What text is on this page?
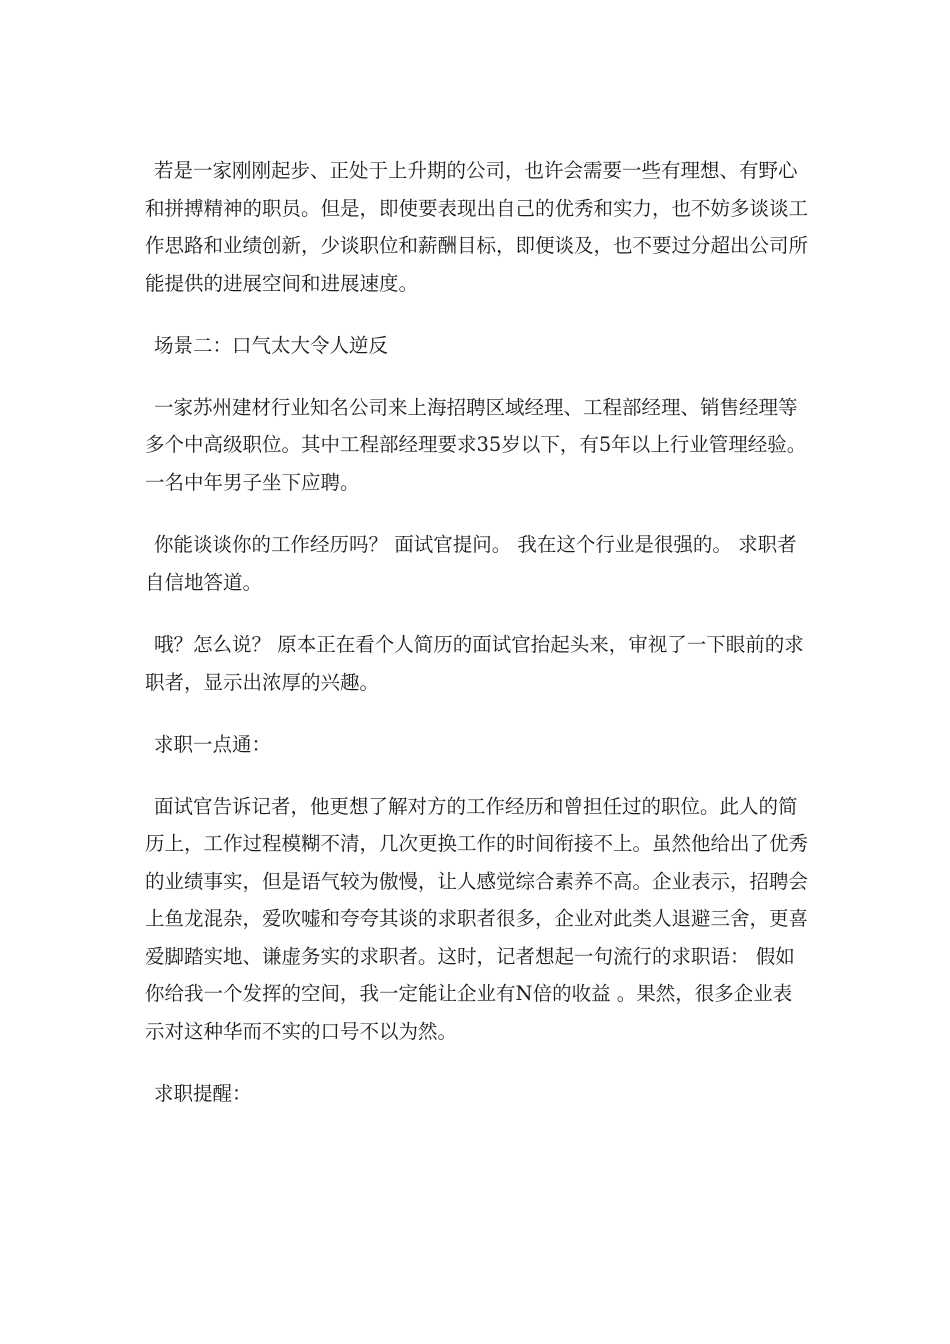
若是一家刚刚起步、正处于上升期的公司，也许会需要一些有理想、有野心和拼搏精神的职员。但是，即使要表现出自己的优秀和实力，也不妨多谈谈工作思路和业绩创新，少谈职位和薪酬目标，即便谈及，也不要过分超出公司所能提供的进展空间和进展速度。

场景二：口气太大令人逆反

一家苏州建材行业知名公司来上海招聘区域经理、工程部经理、销售经理等多个中高级职位。其中工程部经理要求35岁以下，有5年以上行业管理经验。一名中年男子坐下应聘。

你能谈谈你的工作经历吗？ 面试官提问。 我在这个行业是很强的。 求职者自信地答道。

哦？怎么说？ 原本正在看个人简历的面试官抬起头来，审视了一下眼前的求职者，显示出浓厚的兴趣。

求职一点通：

面试官告诉记者，他更想了解对方的工作经历和曾担任过的职位。此人的简历上，工作过程模糊不清，几次更换工作的时间衔接不上。虽然他给出了优秀的业绩事实，但是语气较为傲慢，让人感觉综合素养不高。企业表示，招聘会上鱼龙混杂，爱吹嘘和夸夸其谈的求职者很多，企业对此类人退避三舍，更喜爱脚踏实地、谦虚务实的求职者。这时，记者想起一句流行的求职语： 假如你给我一个发挥的空间，我一定能让企业有N倍的收益 。果然，很多企业表示对这种华而不实的口号不以为然。

求职提醒：
